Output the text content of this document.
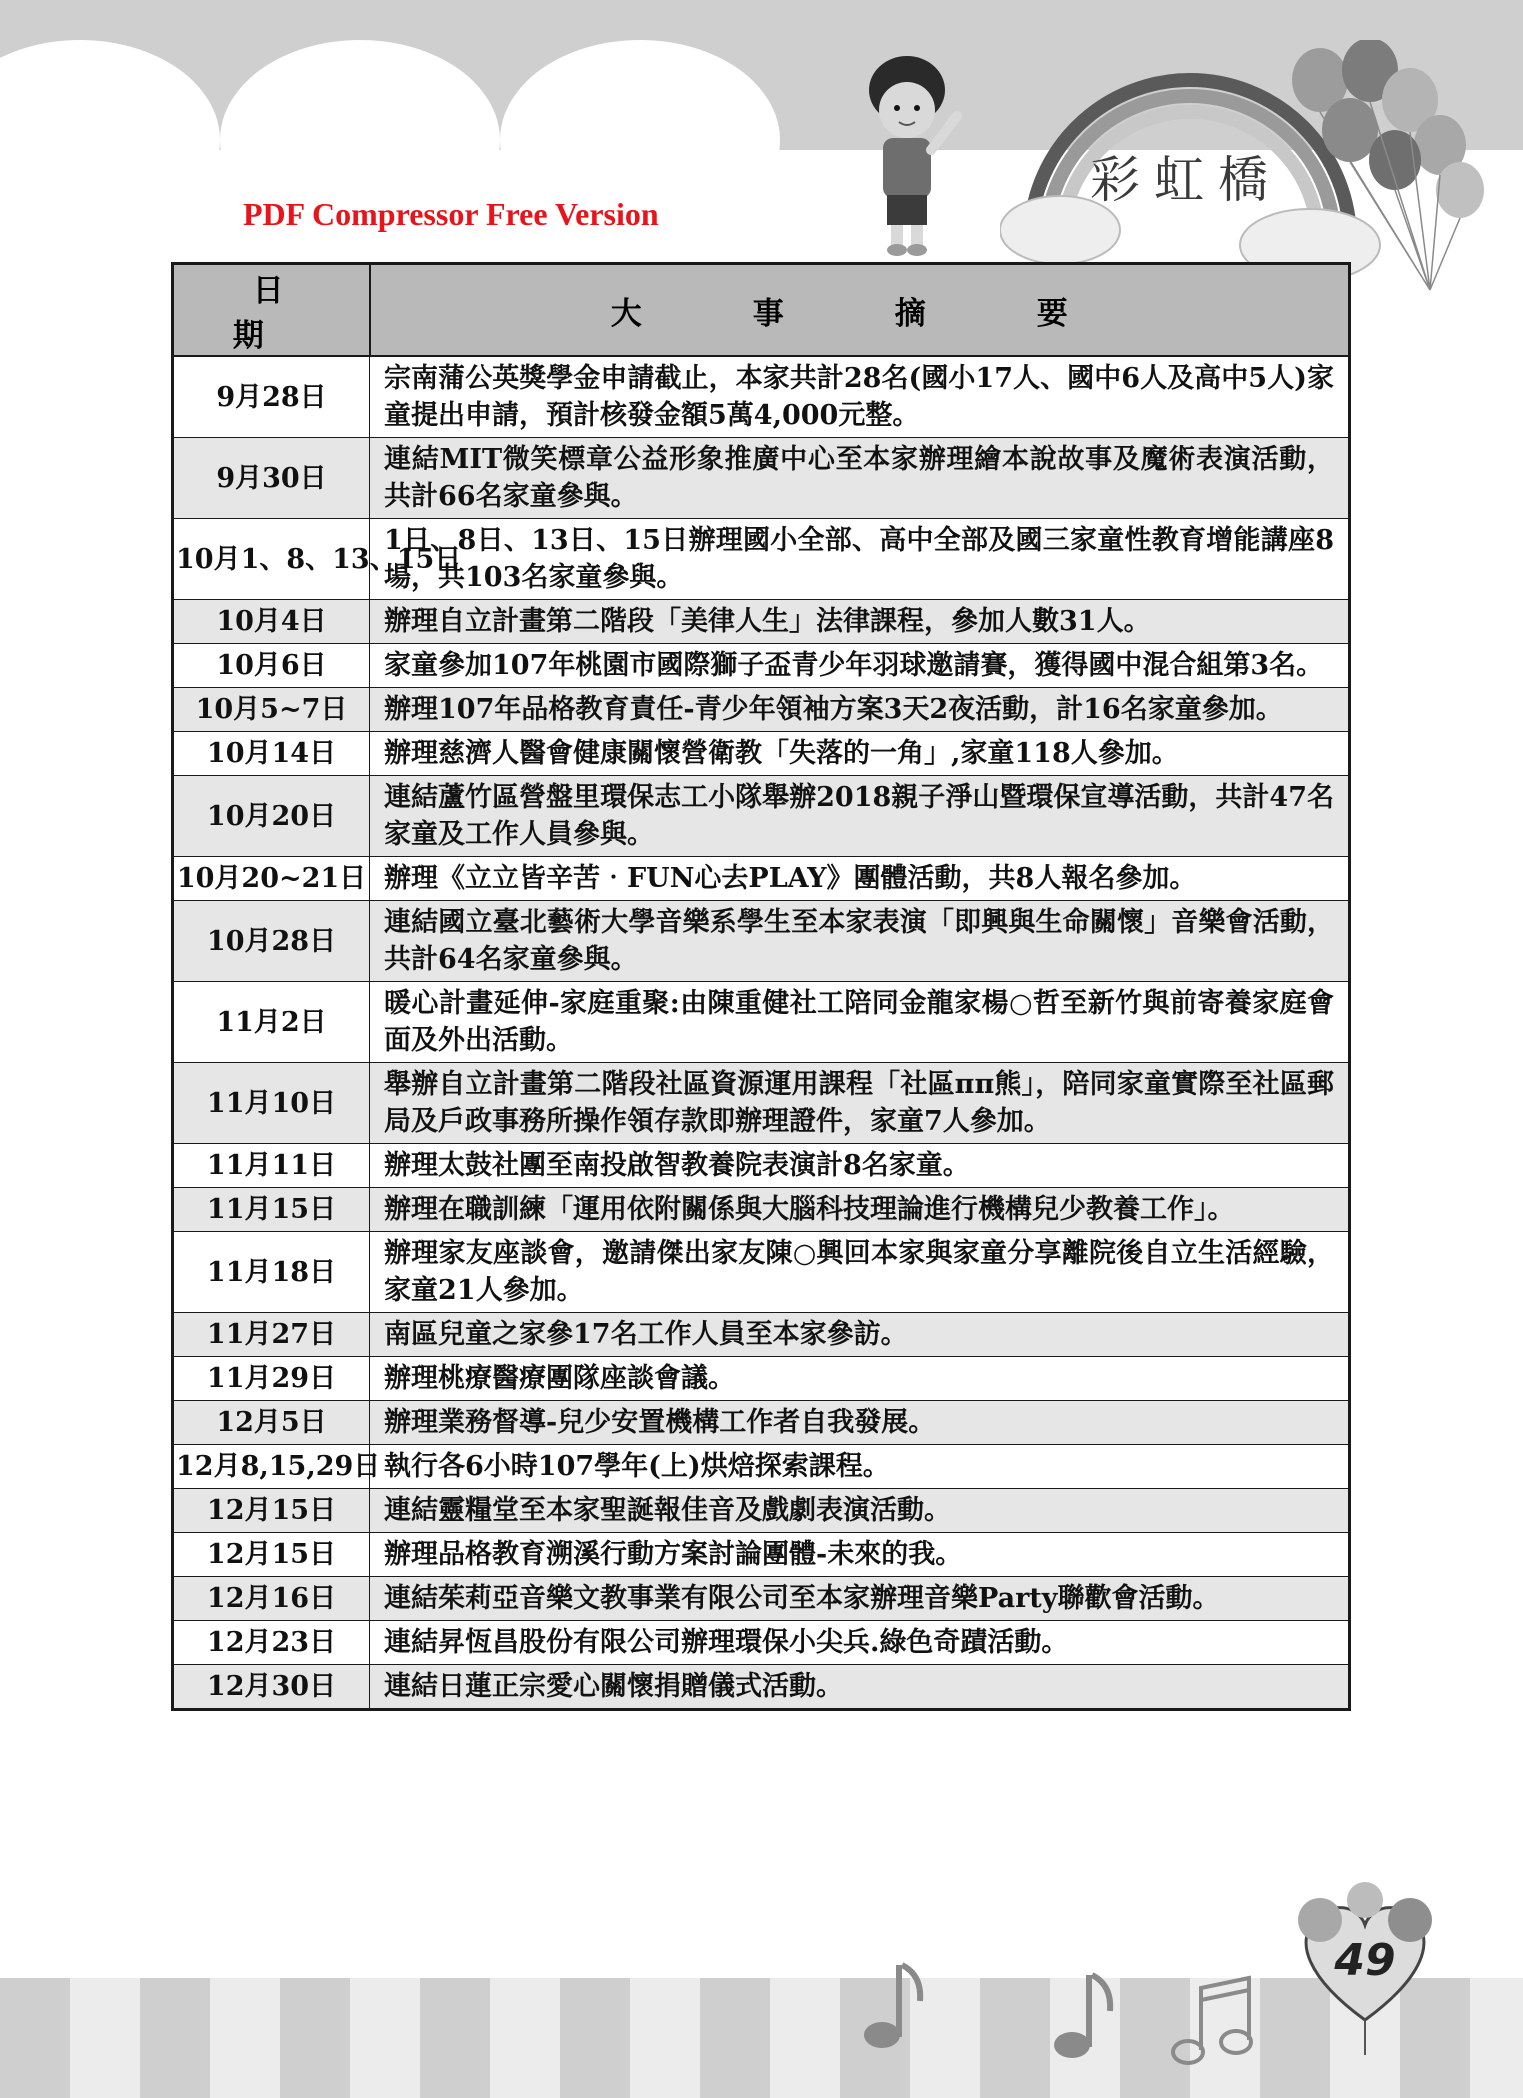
彩虹橋
PDF Compressor Free Version
日　期	大　事　摘　要
9月28日	宗南蒲公英獎學金申請截止，本家共計28名(國小17人、國中6人及高中5人)家童提出申請，預計核發金額5萬4,000元整。
9月30日	連結MIT微笑標章公益形象推廣中心至本家辦理繪本說故事及魔術表演活動，共計66名家童參與。
10月1、8、13、15日	1日、8日、13日、15日辦理國小全部、高中全部及國三家童性教育增能講座8場，共103名家童參與。
10月4日	辦理自立計畫第二階段「美律人生」法律課程，參加人數31人。
10月6日	家童參加107年桃園市國際獅子盃青少年羽球邀請賽，獲得國中混合組第3名。
10月5~7日	辦理107年品格教育責任-青少年領袖方案3天2夜活動，計16名家童參加。
10月14日	辦理慈濟人醫會健康關懷營衛教「失落的一角」,家童118人參加。
10月20日	連結蘆竹區營盤里環保志工小隊舉辦2018親子淨山暨環保宣導活動，共計47名家童及工作人員參與。
10月20~21日	辦理《立立皆辛苦‧FUN心去PLAY》團體活動，共8人報名參加。
10月28日	連結國立臺北藝術大學音樂系學生至本家表演「即興與生命關懷」音樂會活動，共計64名家童參與。
11月2日	暖心計畫延伸-家庭重聚:由陳重健社工陪同金龍家楊○哲至新竹與前寄養家庭會面及外出活動。
11月10日	舉辦自立計畫第二階段社區資源運用課程「社區ππ熊」，陪同家童實際至社區郵局及戶政事務所操作領存款即辦理證件，家童7人參加。
11月11日	辦理太鼓社團至南投啟智教養院表演計8名家童。
11月15日	辦理在職訓練「運用依附關係與大腦科技理論進行機構兒少教養工作」。
11月18日	辦理家友座談會，邀請傑出家友陳○興回本家與家童分享離院後自立生活經驗，家童21人參加。
11月27日	南區兒童之家參17名工作人員至本家參訪。
11月29日	辦理桃療醫療團隊座談會議。
12月5日	辦理業務督導-兒少安置機構工作者自我發展。
12月8,15,29日	執行各6小時107學年(上)烘焙探索課程。
12月15日	連結靈糧堂至本家聖誕報佳音及戲劇表演活動。
12月15日	辦理品格教育溯溪行動方案討論團體-未來的我。
12月16日	連結茱莉亞音樂文教事業有限公司至本家辦理音樂Party聯歡會活動。
12月23日	連結昇恆昌股份有限公司辦理環保小尖兵.綠色奇蹟活動。
12月30日	連結日蓮正宗愛心關懷捐贈儀式活動。
49
